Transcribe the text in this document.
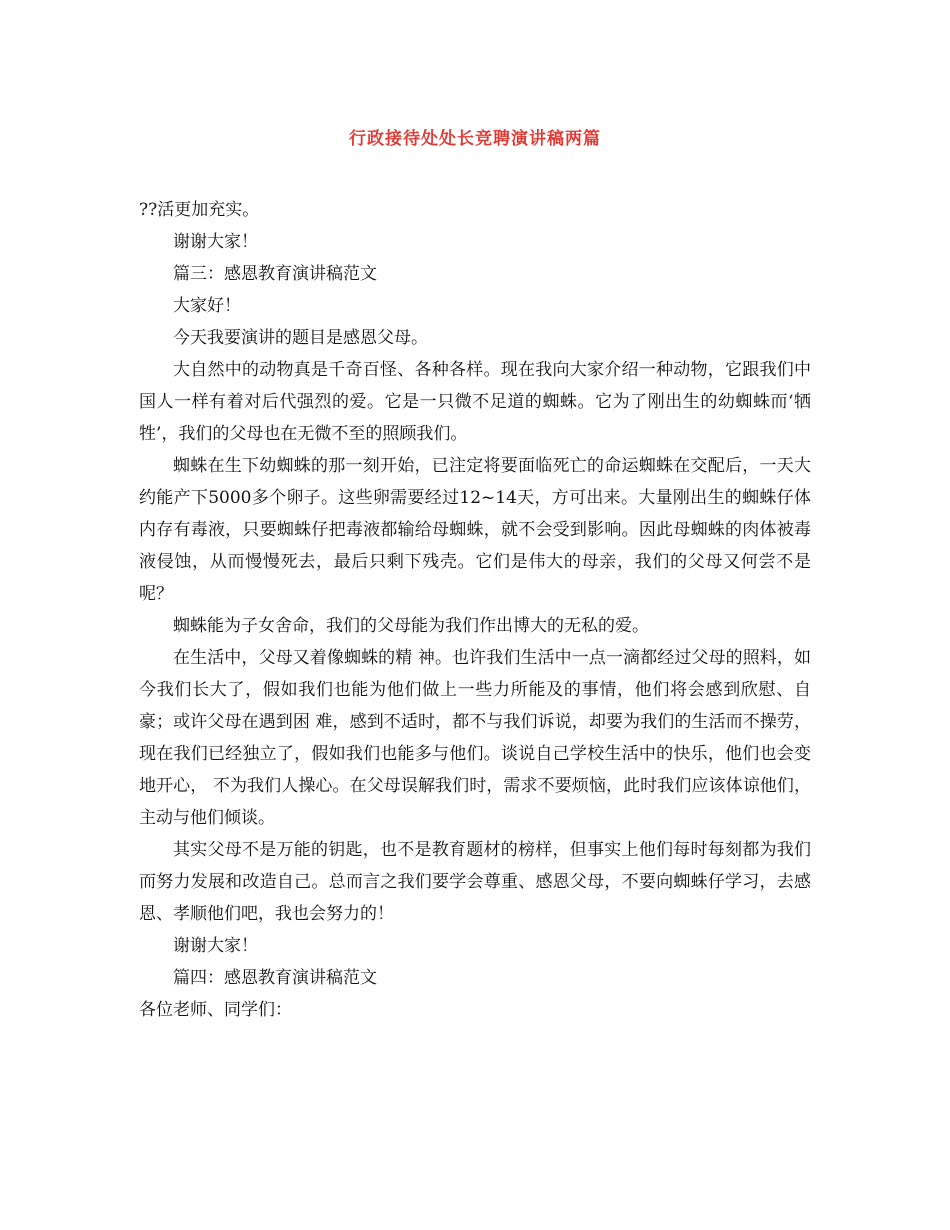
行政接待处处长竞聘演讲稿两篇

??活更加充实。

谢谢大家！

篇三：感恩教育演讲稿范文

大家好！

今天我要演讲的题目是感恩父母。

大自然中的动物真是千奇百怪、各种各样。现在我向大家介绍一种动物，它跟我们中国人一样有着对后代强烈的爱。它是一只微不足道的蜘蛛。它为了刚出生的幼蜘蛛而‘牺牲’，我们的父母也在无微不至的照顾我们。

蜘蛛在生下幼蜘蛛的那一刻开始，已注定将要面临死亡的命运蜘蛛在交配后，一天大约能产下5000多个卵子。这些卵需要经过12~14天，方可出来。大量刚出生的蜘蛛仔体内存有毒液，只要蜘蛛仔把毒液都输给母蜘蛛，就不会受到影响。因此母蜘蛛的肉体被毒液侵蚀，从而慢慢死去，最后只剩下残壳。它们是伟大的母亲，我们的父母又何尝不是呢？

蜘蛛能为子女舍命，我们的父母能为我们作出博大的无私的爱。

在生活中，父母又着像蜘蛛的精 神。也许我们生活中一点一滴都经过父母的照料，如今我们长大了，假如我们也能为他们做上一些力所能及的事情，他们将会感到欣慰、自豪；或许父母在遇到困 难，感到不适时，都不与我们诉说，却要为我们的生活而不操劳，现在我们已经独立了，假如我们也能多与他们。谈说自己学校生活中的快乐，他们也会变地开心， 不为我们人操心。在父母误解我们时，需求不要烦恼，此时我们应该体谅他们，主动与他们倾谈。

其实父母不是万能的钥匙，也不是教育题材的榜样，但事实上他们每时每刻都为我们而努力发展和改造自己。总而言之我们要学会尊重、感恩父母，不要向蜘蛛仔学习，去感恩、孝顺他们吧，我也会努力的！

谢谢大家！

篇四：感恩教育演讲稿范文

各位老师、同学们：
